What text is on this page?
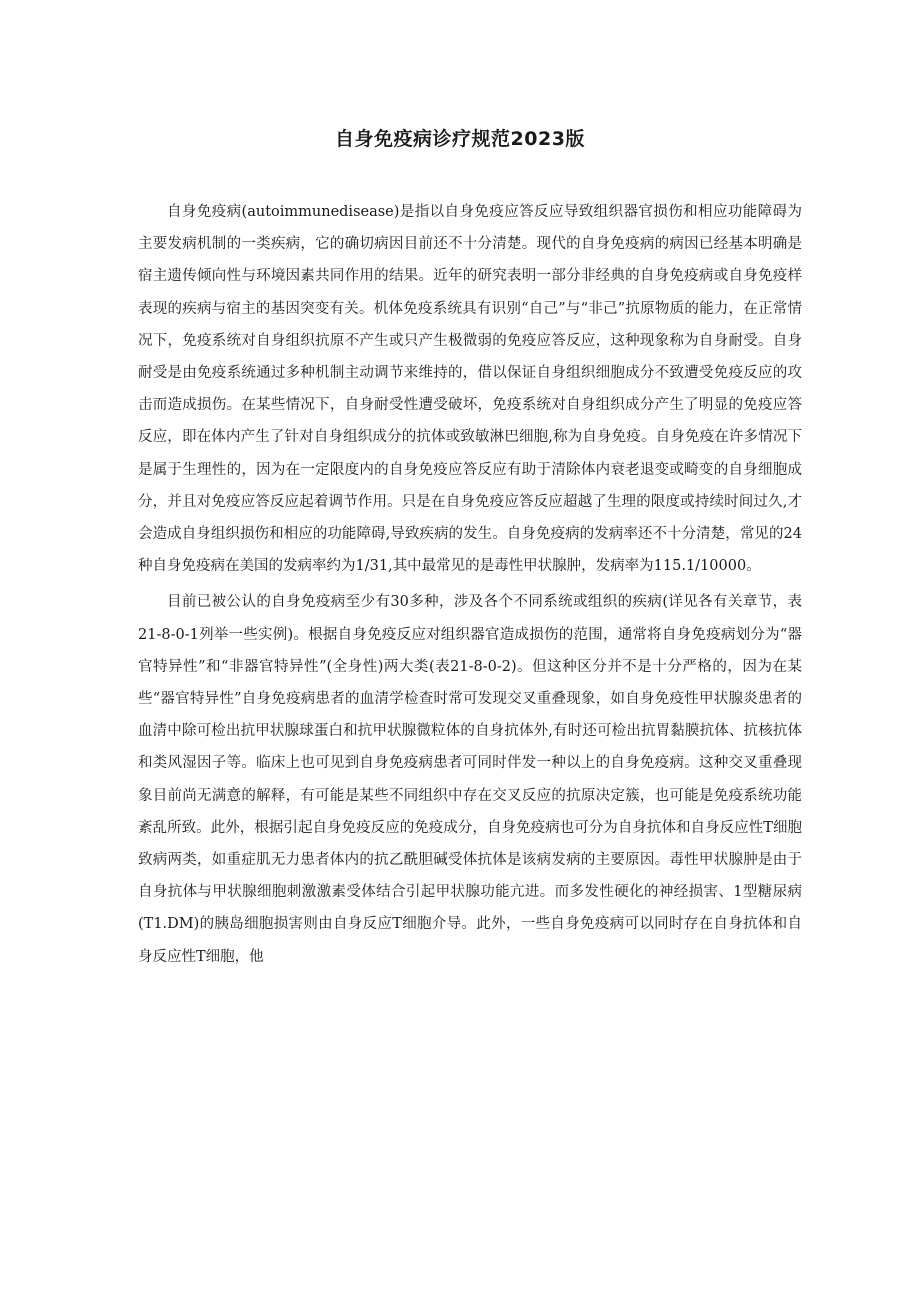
自身免疫病诊疗规范2023版

自身免疫病(autoimmunedisease)是指以自身免疫应答反应导致组织器官损伤和相应功能障碍为主要发病机制的一类疾病，它的确切病因目前还不十分清楚。现代的自身免疫病的病因已经基本明确是宿主遗传倾向性与环境因素共同作用的结果。近年的研究表明一部分非经典的自身免疫病或自身免疫样表现的疾病与宿主的基因突变有关。机体免疫系统具有识别“自己”与“非己”抗原物质的能力，在正常情况下，免疫系统对自身组织抗原不产生或只产生极微弱的免疫应答反应，这种现象称为自身耐受。自身耐受是由免疫系统通过多种机制主动调节来维持的，借以保证自身组织细胞成分不致遭受免疫反应的攻击而造成损伤。在某些情况下，自身耐受性遭受破坏，免疫系统对自身组织成分产生了明显的免疫应答反应，即在体内产生了针对自身组织成分的抗体或致敏淋巴细胞,称为自身免疫。自身免疫在许多情况下是属于生理性的，因为在一定限度内的自身免疫应答反应有助于清除体内衰老退变或畸变的自身细胞成分，并且对免疫应答反应起着调节作用。只是在自身免疫应答反应超越了生理的限度或持续时间过久,才会造成自身组织损伤和相应的功能障碍,导致疾病的发生。自身免疫病的发病率还不十分清楚，常见的24种自身免疫病在美国的发病率约为1/31,其中最常见的是毒性甲状腺肿，发病率为115.1/10000。

目前已被公认的自身免疫病至少有30多种，涉及各个不同系统或组织的疾病(详见各有关章节，表21-8-0-1列举一些实例)。根据自身免疫反应对组织器官造成损伤的范围，通常将自身免疫病划分为“器官特异性”和“非器官特异性”(全身性)两大类(表21-8-0-2)。但这种区分并不是十分严格的，因为在某些“器官特异性”自身免疫病患者的血清学检查时常可发现交叉重叠现象，如自身免疫性甲状腺炎患者的血清中除可检出抗甲状腺球蛋白和抗甲状腺微粒体的自身抗体外,有时还可检出抗胃黏膜抗体、抗核抗体和类风湿因子等。临床上也可见到自身免疫病患者可同时伴发一种以上的自身免疫病。这种交叉重叠现象目前尚无满意的解释，有可能是某些不同组织中存在交叉反应的抗原决定簇，也可能是免疫系统功能紊乱所致。此外，根据引起自身免疫反应的免疫成分，自身免疫病也可分为自身抗体和自身反应性T细胞致病两类，如重症肌无力患者体内的抗乙酰胆碱受体抗体是该病发病的主要原因。毒性甲状腺肿是由于自身抗体与甲状腺细胞刺激激素受体结合引起甲状腺功能亢进。而多发性硬化的神经损害、1型糖尿病(T1.DM)的胰岛细胞损害则由自身反应T细胞介导。此外，一些自身免疫病可以同时存在自身抗体和自身反应性T细胞，他
